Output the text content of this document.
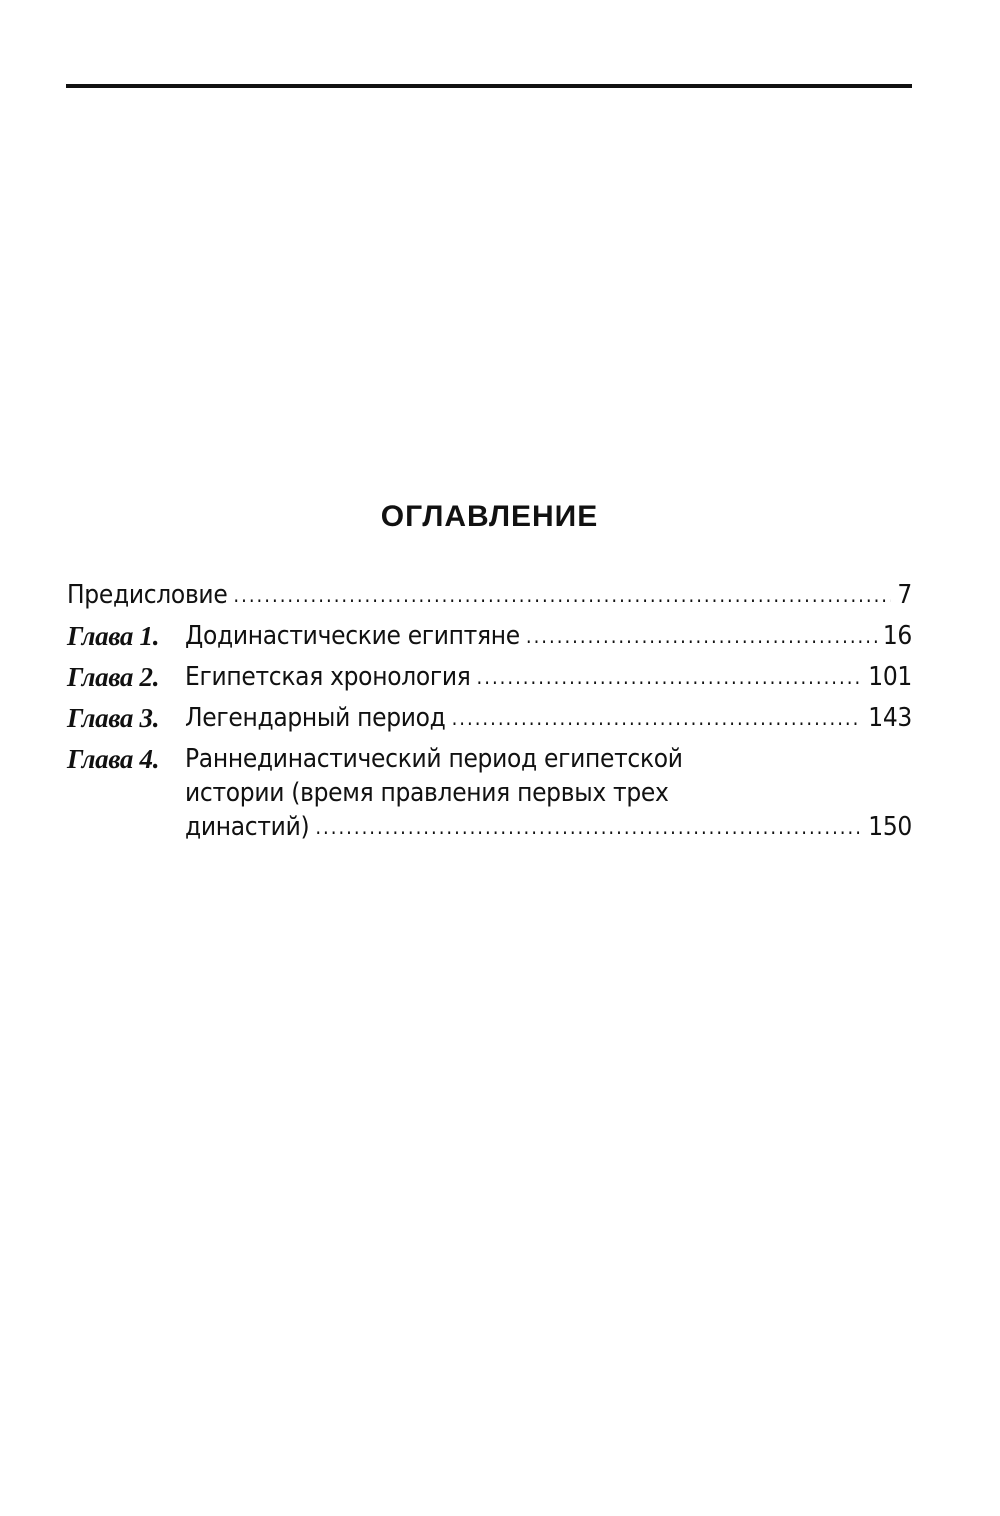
ОГЛАВЛЕНИЕ
Предисловие .....	7
Глава 1. Додинастические египтяне .....	16
Глава 2. Египетская хронология .....	101
Глава 3. Легендарный период .....	143
Глава 4. Раннединастический период египетской
истории (время правления первых трех
династий) .....	150
